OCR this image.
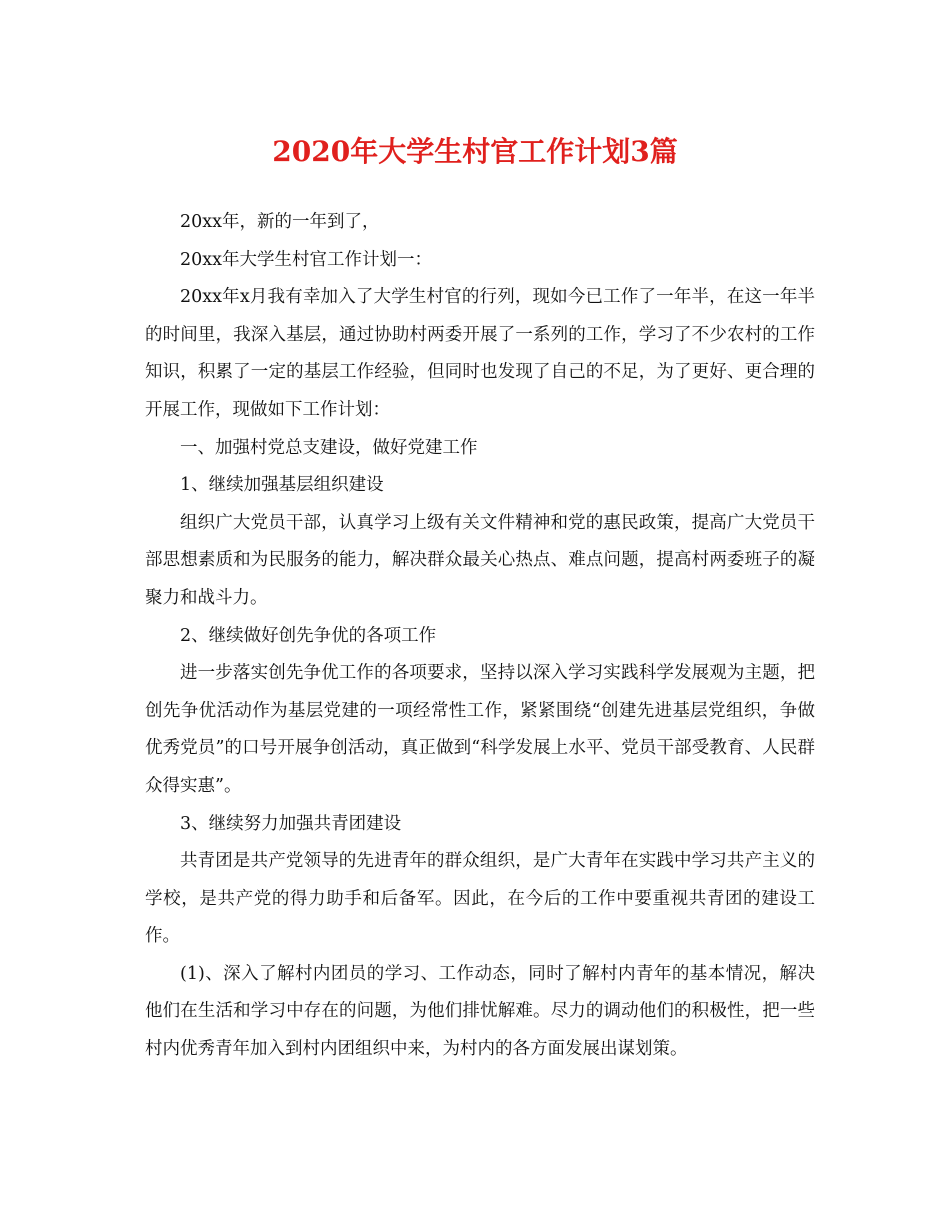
2020年大学生村官工作计划3篇

20xx年，新的一年到了，

20xx年大学生村官工作计划一：

20xx年x月我有幸加入了大学生村官的行列，现如今已工作了一年半，在这一年半的时间里，我深入基层，通过协助村两委开展了一系列的工作，学习了不少农村的工作知识，积累了一定的基层工作经验，但同时也发现了自己的不足，为了更好、更合理的开展工作，现做如下工作计划：

一、加强村党总支建设，做好党建工作

1、继续加强基层组织建设

组织广大党员干部，认真学习上级有关文件精神和党的惠民政策，提高广大党员干部思想素质和为民服务的能力，解决群众最关心热点、难点问题，提高村两委班子的凝聚力和战斗力。

2、继续做好创先争优的各项工作

进一步落实创先争优工作的各项要求，坚持以深入学习实践科学发展观为主题，把创先争优活动作为基层党建的一项经常性工作，紧紧围绕“创建先进基层党组织，争做优秀党员”的口号开展争创活动，真正做到“科学发展上水平、党员干部受教育、人民群众得实惠”。

3、继续努力加强共青团建设

共青团是共产党领导的先进青年的群众组织，是广大青年在实践中学习共产主义的学校，是共产党的得力助手和后备军。因此，在今后的工作中要重视共青团的建设工作。

(1)、深入了解村内团员的学习、工作动态，同时了解村内青年的基本情况，解决他们在生活和学习中存在的问题，为他们排忧解难。尽力的调动他们的积极性，把一些村内优秀青年加入到村内团组织中来，为村内的各方面发展出谋划策。
